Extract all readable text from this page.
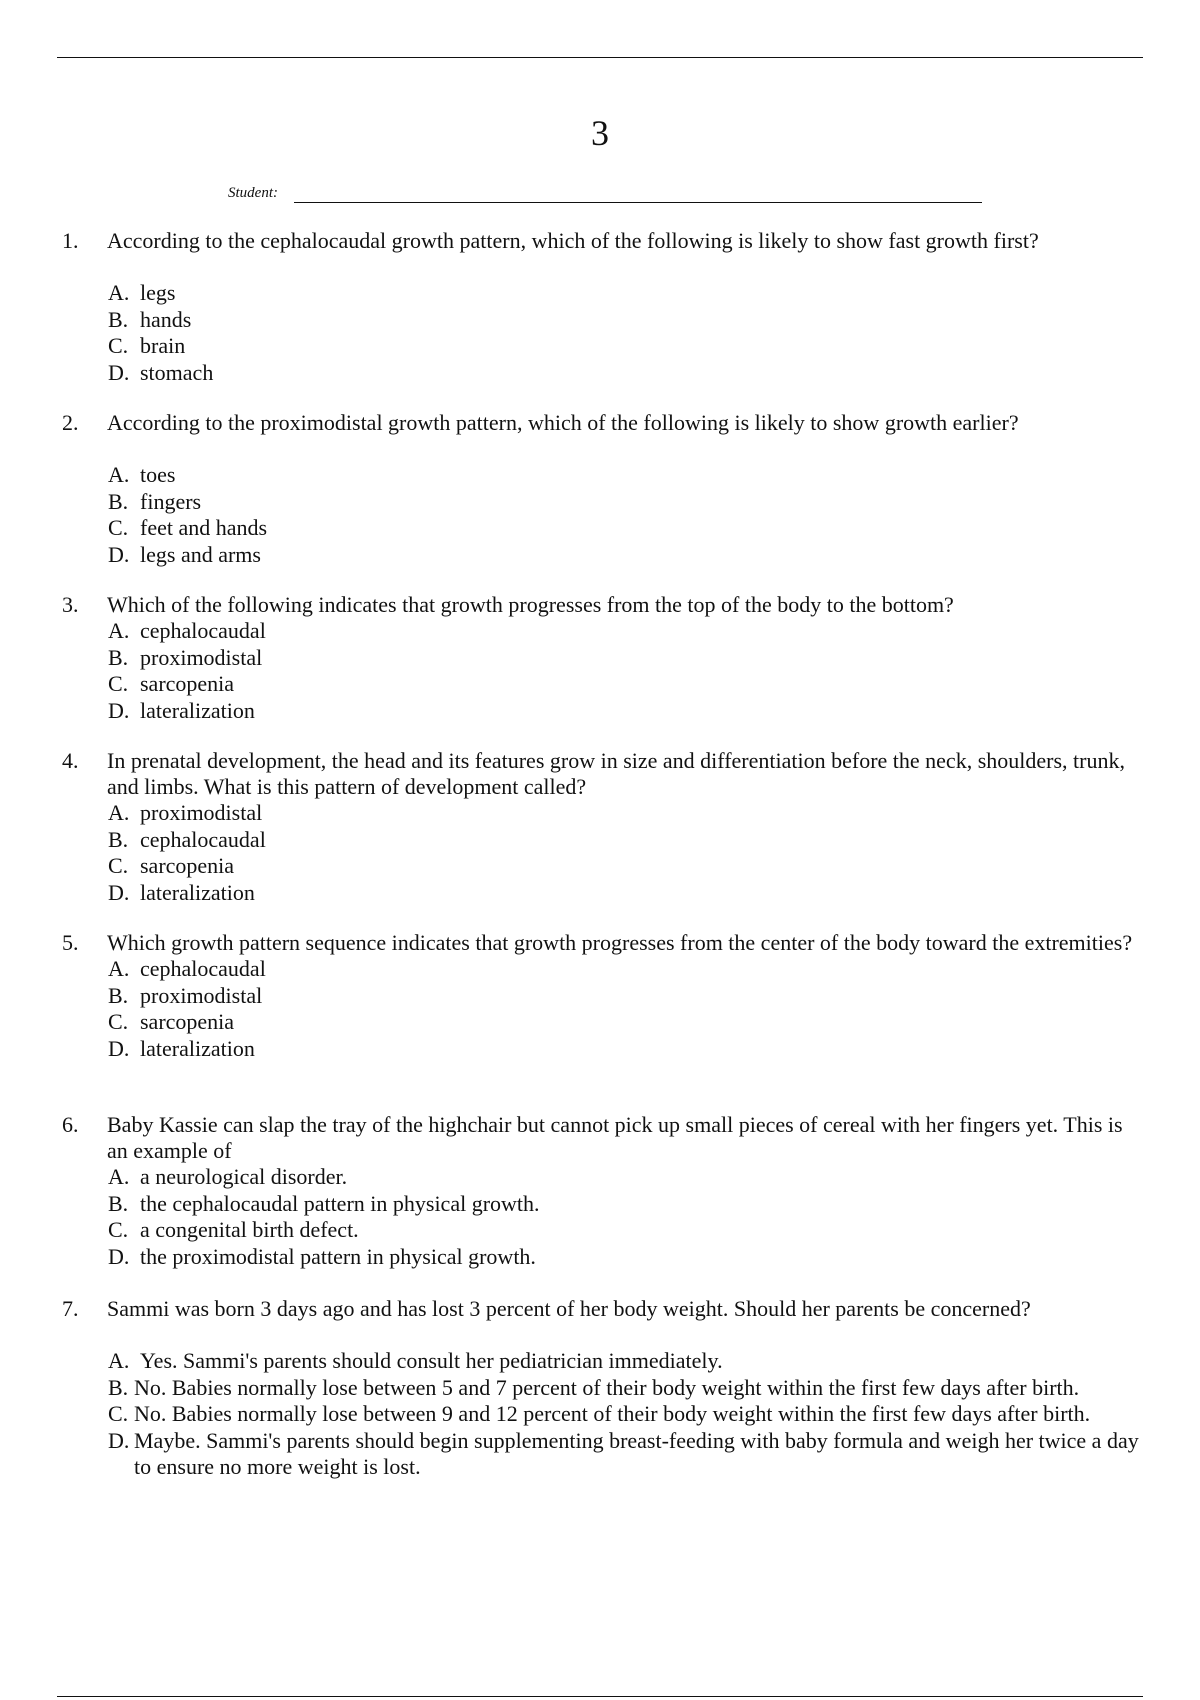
3
Student:
1.	According to the cephalocaudal growth pattern, which of the following is likely to show fast growth first?
A. legs
B. hands
C. brain
D. stomach
2.	According to the proximodistal growth pattern, which of the following is likely to show growth earlier?
A. toes
B. fingers
C. feet and hands
D. legs and arms
3.	Which of the following indicates that growth progresses from the top of the body to the bottom?
A. cephalocaudal
B. proximodistal
C. sarcopenia
D. lateralization
4.	In prenatal development, the head and its features grow in size and differentiation before the neck, shoulders, trunk, and limbs. What is this pattern of development called?
A. proximodistal
B. cephalocaudal
C. sarcopenia
D. lateralization
5.	Which growth pattern sequence indicates that growth progresses from the center of the body toward the extremities?
A. cephalocaudal
B. proximodistal
C. sarcopenia
D. lateralization
6.	Baby Kassie can slap the tray of the highchair but cannot pick up small pieces of cereal with her fingers yet. This is an example of
A. a neurological disorder.
B. the cephalocaudal pattern in physical growth.
C. a congenital birth defect.
D. the proximodistal pattern in physical growth.
7.	Sammi was born 3 days ago and has lost 3 percent of her body weight. Should her parents be concerned?
A. Yes. Sammi's parents should consult her pediatrician immediately.
B. No. Babies normally lose between 5 and 7 percent of their body weight within the first few days after birth.
C. No. Babies normally lose between 9 and 12 percent of their body weight within the first few days after birth.
D. Maybe. Sammi's parents should begin supplementing breast-feeding with baby formula and weigh her twice a day to ensure no more weight is lost.
